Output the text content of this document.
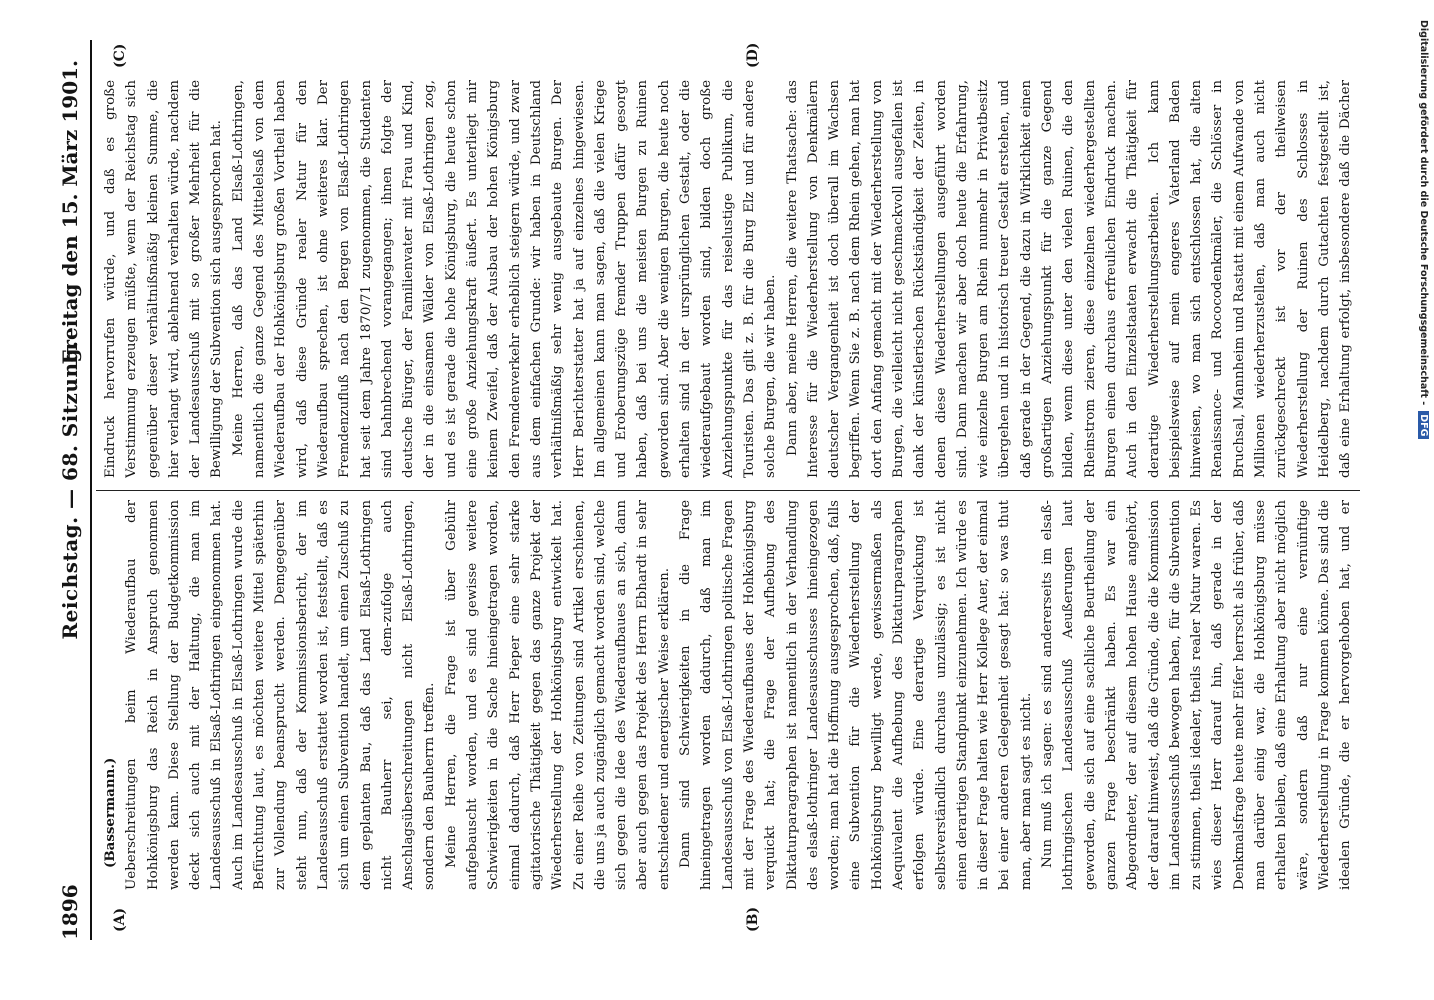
1896
Reichstag. — 68. Sitzung.
Freitag den 15. März 1901.
(A)	(B)
(C)	(D)

(Bassermann.) Ueberschreitungen beim Wiederaufbau der Hohkönigsburg das Reich in Anspruch genommen werden kann. Diese Stellung der Budgetkommission deckt sich auch mit der Haltung, die man im Landesausschuß in Elsaß-Lothringen eingenommen hat. Auch im Landesausschuß in Elsaß-Lothringen wurde die Befürchtung laut, es möchten weitere Mittel späterhin zur Vollendung beansprucht werden. Demgegenüber steht nun, daß der Kommissionsbericht, der im Landesausschuß erstattet worden ist, feststellt, daß es sich um einen Subvention handelt, um einen Zuschuß zu dem geplanten Bau, daß das Land Elsaß-Lothringen nicht Bauherr sei, dem-zufolge auch Anschlagsüberschreitungen nicht Elsaß-Lothringen, sondern den Bauherrn treffen. Meine Herren, die Frage ist über Gebühr aufgebauscht worden, und es sind gewisse weitere Schwierigkeiten in die Sache hineingetragen worden, einmal dadurch, daß Herr Pieper eine sehr starke agitatorische Thätigkeit gegen das ganze Projekt der Wiederherstellung der Hohkönigsburg entwickelt hat. Zu einer Reihe von Zeitungen sind Artikel erschienen, die uns ja auch zugänglich gemacht worden sind, welche sich gegen die Idee des Wiederaufbaues an sich, dann aber auch gegen das Projekt des Herrn Ebhardt in sehr entschiedener und energischer Weise erklären. Dann sind Schwierigkeiten in die Frage hineingetragen worden dadurch, daß man im Landesausschuß von Elsaß-Lothringen politische Fragen mit der Frage des Wiederaufbaues der Hohkönigsburg verquickt hat; die Frage der Aufhebung des Diktaturparagraphen ist namentlich in der Verhandlung des elsaß-lothringer Landesausschusses hineingezogen worden; man hat die Hoffnung ausgesprochen, daß, falls eine Subvention für die Wiederherstellung der Hohkönigsburg bewilligt werde, gewissermaßen als Aequivalent die Aufhebung des Diktaturparagraphen erfolgen würde. Eine derartige Verquickung ist selbstverständlich durchaus unzulässig; es ist nicht einen derartigen Standpunkt einzunehmen. Ich würde es in dieser Frage halten wie Herr Kollege Auer, der einmal bei einer anderen Gelegenheit gesagt hat: so was thut man, aber man sagt es nicht. Nun muß ich sagen: es sind andererseits im elsaß-lothringischen Landesausschuß Aeußerungen laut geworden, die sich auf eine sachliche Beurtheilung der ganzen Frage beschränkt haben. Es war ein Abgeordneter, der auf diesem hohen Hause angehört, der darauf hinweist, daß die Gründe, die die Kommission im Landesausschuß bewogen haben, für die Subvention zu stimmen, theils idealer, theils realer Natur waren. Es wies dieser Herr darauf hin, daß gerade in der Denkmalsfrage heute mehr Eifer herrscht als früher, daß man darüber einig war, die Hohkönigsburg müsse erhalten bleiben, daß eine Erhaltung aber nicht möglich wäre, sondern daß nur eine vernünftige Wiederherstellung in Frage kommen könne. Das sind die idealen Gründe, die er hervorgehoben hat, und er

Eindruck hervorrufen würde, und daß es große Verstimmung erzeugen müßte, wenn der Reichstag sich gegenüber dieser verhältnißmäßig kleinen Summe, die hier verlangt wird, ablehnend verhalten würde, nachdem der Landesausschuß mit so großer Mehrheit für die Bewilligung der Subvention sich ausgesprochen hat. Meine Herren, daß das Land Elsaß-Lothringen, namentlich die ganze Gegend des Mittelelsaß von dem Wiederaufbau der Hohkönigsburg großen Vortheil haben wird, daß diese Gründe realer Natur für den Wiederaufbau sprechen, ist ohne weiteres klar. Der Fremdenzufluß nach den Bergen von Elsaß-Lothringen hat seit dem Jahre 1870/71 zugenommen, die Studenten sind bahnbrechend vorangegangen; ihnen folgte der deutsche Bürger, der Familienvater mit Frau und Kind, der in die einsamen Wälder von Elsaß-Lothringen zog, und es ist gerade die hohe Königsburg, die heute schon eine große Anziehungskraft äußert. Es unterliegt mir keinem Zweifel, daß der Ausbau der hohen Königsburg den Fremdenverkehr erheblich steigern würde, und zwar aus dem einfachen Grunde: wir haben in Deutschland verhältnißmäßig sehr wenig ausgebaute Burgen. Der Herr Berichterstatter hat ja auf einzelnes hingewiesen. Im allgemeinen kann man sagen, daß die vielen Kriege und Eroberungszüge fremder Truppen dafür gesorgt haben, daß bei uns die meisten Burgen zu Ruinen geworden sind. Aber die wenigen Burgen, die heute noch erhalten sind in der ursprünglichen Gestalt, oder die wiederaufgebaut worden sind, bilden doch große Anziehungspunkte für das reiselustige Publikum, die Touristen. Das gilt z. B. für die Burg Elz und für andere solche Burgen, die wir haben. Dann aber, meine Herren, die weitere Thatsache: das Interesse für die Wiederherstellung von Denkmälern deutscher Vergangenheit ist doch überall im Wachsen begriffen. Wenn Sie z. B. nach dem Rhein gehen, man hat dort den Anfang gemacht mit der Wiederherstellung von Burgen, die vielleicht nicht geschmackvoll ausgefallen ist dank der künstlerischen Rückständigkeit der Zeiten, in denen diese Wiederherstellungen ausgeführt worden sind. Dann machen wir aber doch heute die Erfahrung, wie einzelne Burgen am Rhein nunmehr in Privatbesitz übergehen und in historisch treuer Gestalt erstehen, und daß gerade in der Gegend, die dazu in Wirklichkeit einen großartigen Anziehungspunkt für die ganze Gegend bilden, wenn diese unter den vielen Ruinen, die den Rheinstrom zieren, diese einzelnen wiederhergestellten Burgen einen durchaus erfreulichen Eindruck machen. Auch in den Einzelstaaten erwacht die Thätigkeit für derartige Wiederherstellungsarbeiten. Ich kann beispielsweise auf mein engeres Vaterland Baden hinweisen, wo man sich entschlossen hat, die alten Renaissance- und Rococodenkmäler, die Schlösser in Bruchsal, Mannheim und Rastatt mit einem Aufwande von Millionen wiederherzustellen, daß man auch nicht zurückgeschreckt ist vor der theilweisen Wiederherstellung der Ruinen des Schlosses in Heidelberg, nachdem durch Gutachten festgestellt ist, daß eine Erhaltung erfolgt, insbesondere daß die Dächer	Digitalisierung gefördert durch die Deutsche Forschungsgemeinschaft -DFG
